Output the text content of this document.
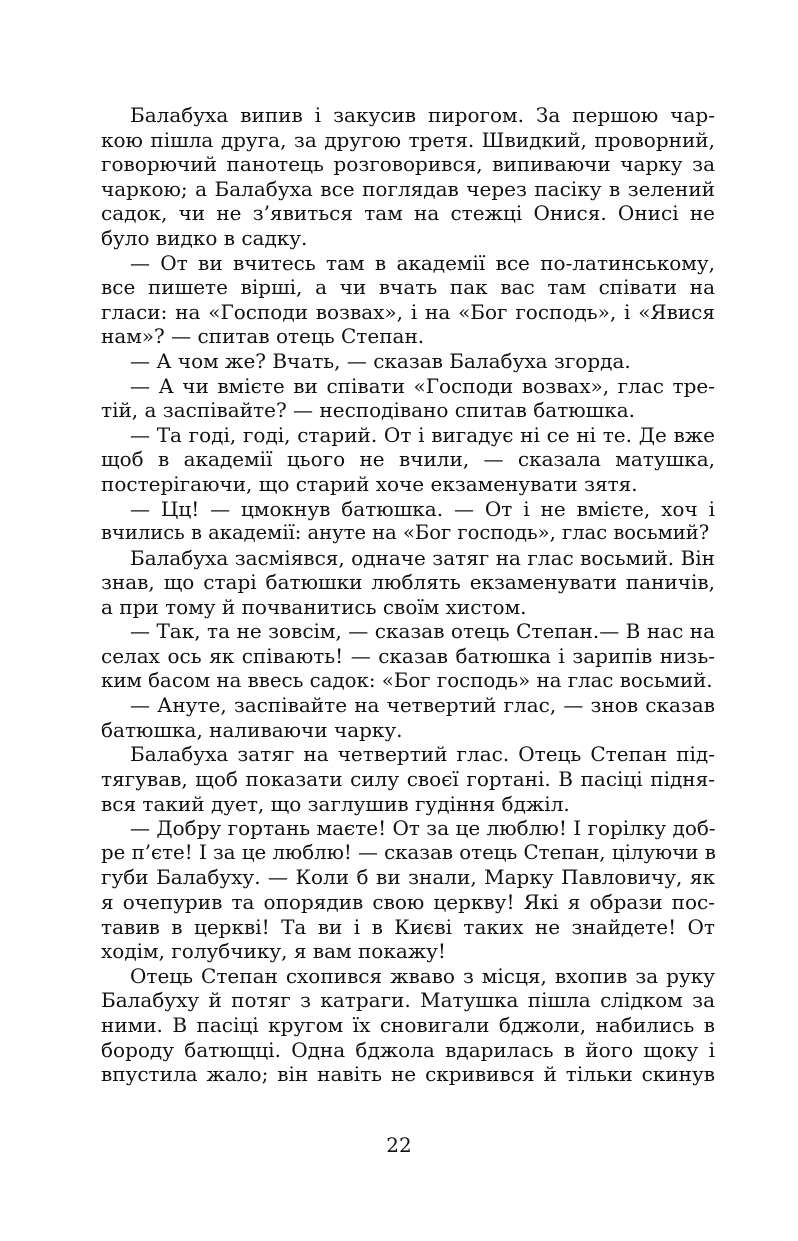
Балабуха випив і закусив пирогом. За першою чар-
кою пішла друга, за другою третя. Швидкий, проворний,
говорючий панотець розговорився, випиваючи чарку за
чаркою; а Балабуха все поглядав через пасіку в зелений
садок, чи не з’явиться там на стежці Онися. Онисі не
було видко в садку.
— От ви вчитесь там в академії все по-латинському,
все пишете вірші, а чи вчать пак вас там співати на
гласи: на «Господи возвах», і на «Бог господь», і «Явися
нам»? — спитав отець Степан.
— А чом же? Вчать, — сказав Балабуха згорда.
— А чи вмієте ви співати «Господи возвах», глас тре-
тій, а заспівайте? — несподівано спитав батюшка.
— Та годі, годі, старий. От і вигадує ні се ні те. Де вже
щоб в академії цього не вчили, — сказала матушка,
постерігаючи, що старий хоче екзаменувати зятя.
— Цц! — цмокнув батюшка. — От і не вмієте, хоч і
вчились в академії: ануте на «Бог господь», глас восьмий?
Балабуха засміявся, одначе затяг на глас восьмий. Він
знав, що старі батюшки люблять екзаменувати паничів,
а при тому й почванитись своїм хистом.
— Так, та не зовсім, — сказав отець Степан.— В нас на
селах ось як співають! — сказав батюшка і зарипів низь-
ким басом на ввесь садок: «Бог господь» на глас восьмий.
— Ануте, заспівайте на четвертий глас, — знов сказав
батюшка, наливаючи чарку.
Балабуха затяг на четвертий глас. Отець Степан під-
тягував, щоб показати силу своєї гортані. В пасіці підня-
вся такий дует, що заглушив гудіння бджіл.
— Добру гортань маєте! От за це люблю! І горілку доб-
ре п’єте! І за це люблю! — сказав отець Степан, цілуючи в
губи Балабуху. — Коли б ви знали, Марку Павловичу, як
я очепурив та опорядив свою церкву! Які я образи пос-
тавив в церкві! Та ви і в Києві таких не знайдете! От
ходім, голубчику, я вам покажу!
Отець Степан схопився жваво з місця, вхопив за руку
Балабуху й потяг з катраги. Матушка пішла слідком за
ними. В пасіці кругом їх сновигали бджоли, набились в
бороду батющці. Одна бджола вдарилась в його щоку і
впустила жало; він навіть не скривився й тільки скинув
22
